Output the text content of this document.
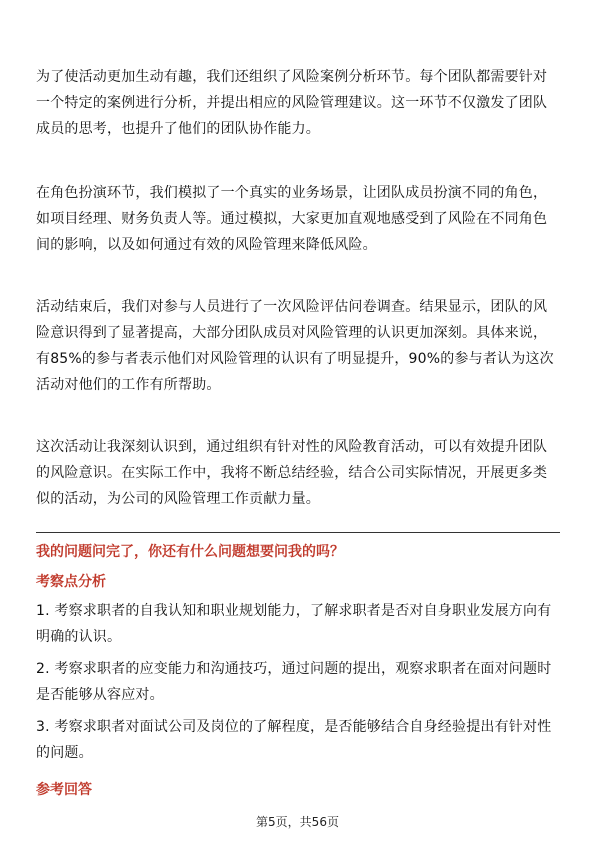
为了使活动更加生动有趣，我们还组织了风险案例分析环节。每个团队都需要针对一个特定的案例进行分析，并提出相应的风险管理建议。这一环节不仅激发了团队成员的思考，也提升了他们的团队协作能力。
在角色扮演环节，我们模拟了一个真实的业务场景，让团队成员扮演不同的角色，如项目经理、财务负责人等。通过模拟，大家更加直观地感受到了风险在不同角色间的影响，以及如何通过有效的风险管理来降低风险。
活动结束后，我们对参与人员进行了一次风险评估问卷调查。结果显示，团队的风险意识得到了显著提高，大部分团队成员对风险管理的认识更加深刻。具体来说，有85%的参与者表示他们对风险管理的认识有了明显提升，90%的参与者认为这次活动对他们的工作有所帮助。
这次活动让我深刻认识到，通过组织有针对性的风险教育活动，可以有效提升团队的风险意识。在实际工作中，我将不断总结经验，结合公司实际情况，开展更多类似的活动，为公司的风险管理工作贡献力量。
我的问题问完了，你还有什么问题想要问我的吗？
考察点分析
1. 考察求职者的自我认知和职业规划能力，了解求职者是否对自身职业发展方向有明确的认识。
2. 考察求职者的应变能力和沟通技巧，通过问题的提出，观察求职者在面对问题时是否能够从容应对。
3. 考察求职者对面试公司及岗位的了解程度，是否能够结合自身经验提出有针对性的问题。
参考回答
第5页，共56页
